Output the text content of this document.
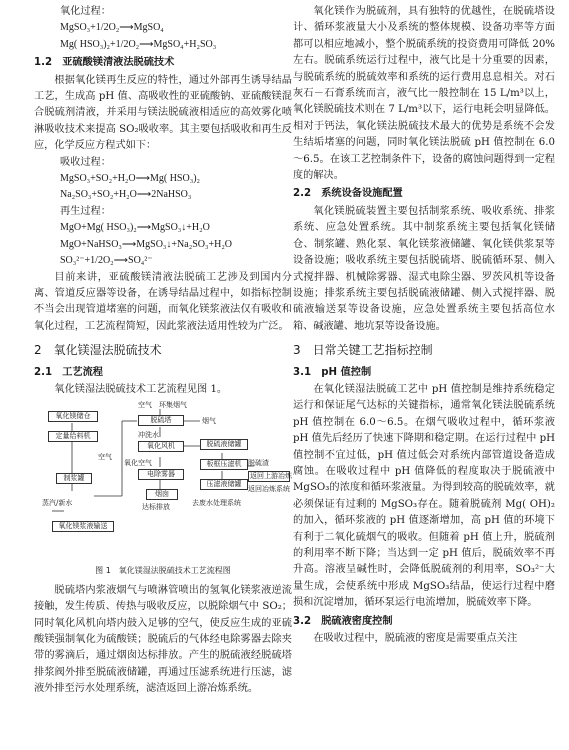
氧化过程：

MgSO₃+1/2O₂⟶MgSO₄

Mg( HSO₃)₂+1/2O₂⟶MgSO₄+H₂SO₃

1.2　亚硫酸镁清液法脱硫技术

根据氧化镁再生反应的特性，通过外部再生诱导结晶工艺，生成高 pH 值、高吸收性的亚硫酸钠、亚硫酸镁混合脱硫剂清液，并采用与镁法脱硫液相适应的高效雾化喷淋吸收技术来提高 SO₂吸收率。其主要包括吸收和再生反应，化学反应方程式如下：

吸收过程：

MgSO₃+SO₂+H₂O⟶Mg( HSO₃)₂

Na₂SO₃+SO₂+H₂O⟶2NaHSO₃

再生过程：

MgO+Mg( HSO₃)₂⟶MgSO₃↓+H₂O

MgO+NaHSO₃⟶MgSO₃↓+Na₂SO₃+H₂O

SO₃²⁻+1/2O₂⟶SO₄²⁻

目前来讲，亚硫酸镁清液法脱硫工艺涉及到国内分离、管道反应器等设备，在诱导结晶过程中，如指标控制不当会出现管道堵塞的问题，而氧化镁浆液法仅有吸收和氧化过程，工艺流程简短，因此浆液法适用性较为广泛。

2　氧化镁湿法脱硫技术
2.1　工艺流程

氧化镁湿法脱硫技术工艺流程见图 1。

空气　环集烟气
氧化镁储仓
定量给料机
空气
制浆罐
蒸汽/新水
氧化镁浆液输送
脱硫塔	烟气
冲洗水
氧化风机
氧化空气
电除雾器
烟囱
达标排放
脱硫液储罐
板框压滤机 脱硫渣
压滤液储罐
去废水处理系统
返回上游冶炼
返回冶炼系统

图 1　氧化镁湿法脱硫技术工艺流程图

脱硫塔内浆液烟气与喷淋管喷出的氢氧化镁浆液逆流接触，发生传质、传热与吸收反应，以脱除烟气中 SO₂；同时氧化风机向塔内鼓入足够的空气，使反应生成的亚硫酸镁强制氧化为硫酸镁；脱硫后的气体经电除雾器去除夹带的雾滴后，通过烟囱达标排放。产生的脱硫液经脱硫塔排浆阀外排至脱硫液储罐，再通过压滤系统进行压滤，滤液外排至污水处理系统，滤渣返回上游冶炼系统。

氧化镁作为脱硫剂，具有独特的优越性，在脱硫塔设计、循环浆液量大小及系统的整体规模、设备功率等方面都可以相应地减小，整个脱硫系统的投资费用可降低 20%左右。脱硫系统运行过程中，液气比是十分重要的因素，与脱硫系统的脱硫效率和系统的运行费用息息相关。对石灰石－石膏系统而言，液气比一般控制在 15 L/m³以上，氧化镁脱硫技术则在 7 L/m³以下，运行电耗会明显降低。相对于钙法，氧化镁法脱硫技术最大的优势是系统不会发生结垢堵塞的问题，同时氧化镁法脱硫 pH 值控制在 6.0～6.5。在该工艺控制条件下，设备的腐蚀问题得到一定程度的解决。

2.2　系统设备设施配置

氧化镁脱硫装置主要包括制浆系统、吸收系统、排浆系统、应急处置系统。其中制浆系统主要包括氧化镁储仓、制浆罐、熟化泵、氧化镁浆液储罐、氧化镁供浆泵等设备设施；吸收系统主要包括脱硫塔、脱硫循环泵、侧入式搅拌器、机械除雾器、湿式电除尘器、罗茨风机等设备设施；排浆系统主要包括脱硫液储罐、侧入式搅拌器、脱硫液输送泵等设备设施，应急处置系统主要包括高位水箱、碱液罐、地坑泵等设备设施。

3　日常关键工艺指标控制
3.1　pH 值控制

在氧化镁湿法脱硫工艺中 pH 值控制是维持系统稳定运行和保证尾气达标的关键指标，通常氧化镁法脱硫系统 pH 值控制在 6.0～6.5。在烟气吸收过程中，循环浆液 pH 值先后经历了快速下降期和稳定期。在运行过程中 pH 值控制不宜过低，pH 值过低会对系统内部管道设备造成腐蚀。在吸收过程中 pH 值降低的程度取决于脱硫液中 MgSO₃的浓度和循环浆液量。为得到较高的脱硫效率，就必须保证有过剩的 MgSO₃存在。随着脱硫剂 Mg( OH)₂的加入，循环浆液的 pH 值逐渐增加，高 pH 值的环境下有利于二氧化硫烟气的吸收。但随着 pH 值上升，脱硫剂的利用率不断下降；当达到一定 pH 值后，脱硫效率不再升高。溶液呈碱性时，会降低脱硫剂的利用率，SO₃²⁻大量生成，会使系统中形成 MgSO₃结晶，使运行过程中磨损和沉淀增加，循环泵运行电流增加，脱硫效率下降。

3.2　脱硫液密度控制

在吸收过程中，脱硫液的密度是需要重点关注
